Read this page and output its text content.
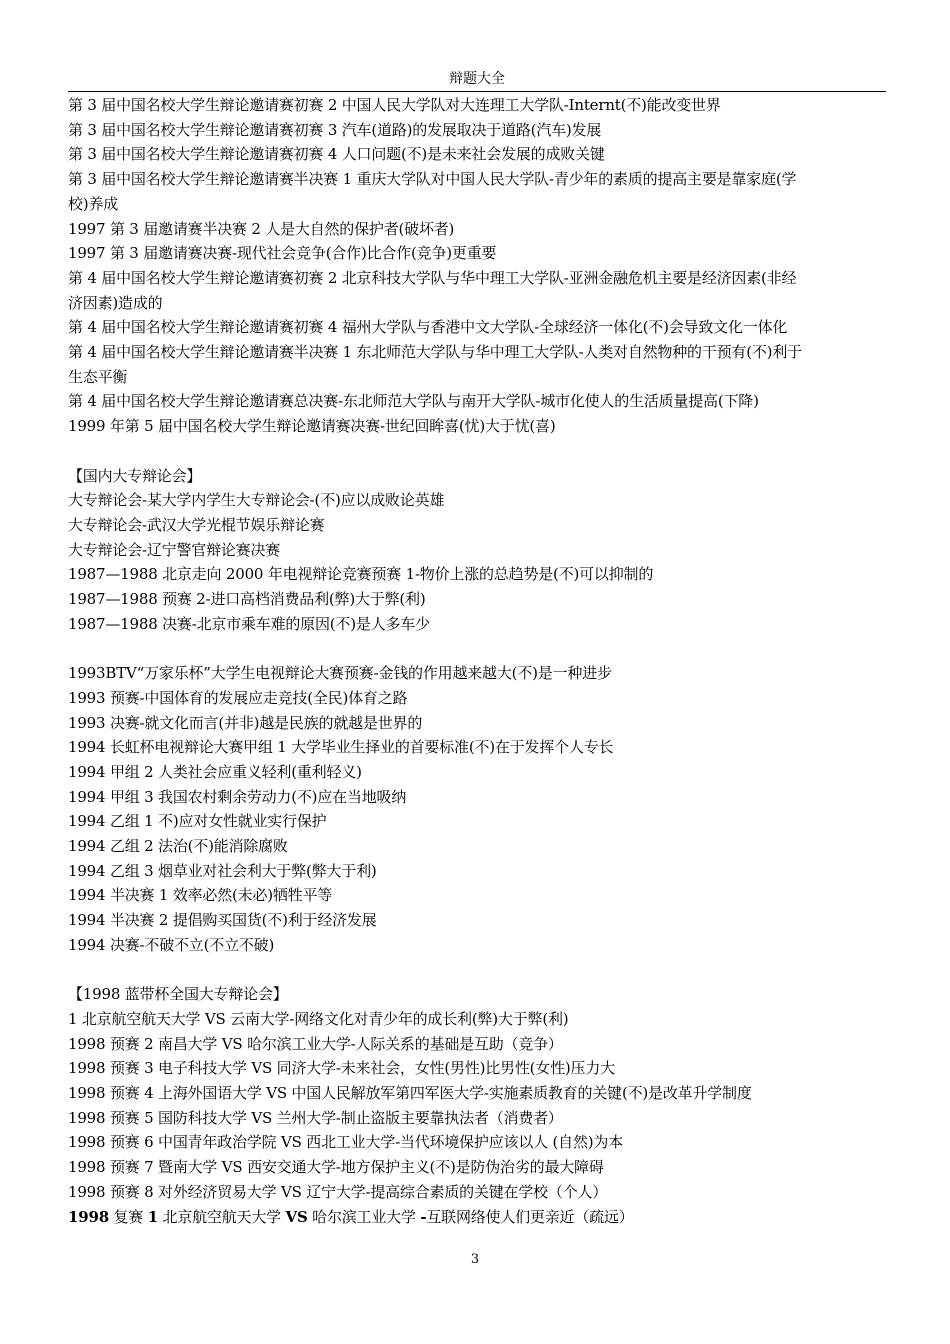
辩题大全
第 3 届中国名校大学生辩论邀请赛初赛 2 中国人民大学队对大连理工大学队-Internt(不)能改变世界
第 3 届中国名校大学生辩论邀请赛初赛 3 汽车(道路)的发展取决于道路(汽车)发展
第 3 届中国名校大学生辩论邀请赛初赛 4 人口问题(不)是未来社会发展的成败关键
第 3 届中国名校大学生辩论邀请赛半决赛 1 重庆大学队对中国人民大学队-青少年的素质的提高主要是靠家庭(学
校)养成
1997 第 3 届邀请赛半决赛 2 人是大自然的保护者(破坏者)
1997 第 3 届邀请赛决赛-现代社会竞争(合作)比合作(竞争)更重要
第 4 届中国名校大学生辩论邀请赛初赛 2 北京科技大学队与华中理工大学队-亚洲金融危机主要是经济因素(非经
济因素)造成的
第 4 届中国名校大学生辩论邀请赛初赛 4 福州大学队与香港中文大学队-全球经济一体化(不)会导致文化一体化
第 4 届中国名校大学生辩论邀请赛半决赛 1 东北师范大学队与华中理工大学队-人类对自然物种的干预有(不)利于
生态平衡
第 4 届中国名校大学生辩论邀请赛总决赛-东北师范大学队与南开大学队-城市化使人的生活质量提高(下降)
1999 年第 5 届中国名校大学生辩论邀请赛决赛-世纪回眸喜(忧)大于忧(喜)
【国内大专辩论会】
大专辩论会-某大学内学生大专辩论会-(不)应以成败论英雄
大专辩论会-武汉大学光棍节娱乐辩论赛
大专辩论会-辽宁警官辩论赛决赛
1987—1988 北京走向 2000 年电视辩论竞赛预赛 1-物价上涨的总趋势是(不)可以抑制的
1987—1988 预赛 2-进口高档消费品利(弊)大于弊(利)
1987—1988 决赛-北京市乘车难的原因(不)是人多车少
1993BTV“万家乐杯”大学生电视辩论大赛预赛-金钱的作用越来越大(不)是一种进步
1993 预赛-中国体育的发展应走竞技(全民)体育之路
1993 决赛-就文化而言(并非)越是民族的就越是世界的
1994 长虹杯电视辩论大赛甲组 1 大学毕业生择业的首要标准(不)在于发挥个人专长
1994 甲组 2 人类社会应重义轻利(重利轻义)
1994 甲组 3 我国农村剩余劳动力(不)应在当地吸纳
1994 乙组 1 不)应对女性就业实行保护
1994 乙组 2 法治(不)能消除腐败
1994 乙组 3 烟草业对社会利大于弊(弊大于利)
1994 半决赛 1 效率必然(未必)牺牲平等
1994 半决赛 2 提倡购买国货(不)利于经济发展
1994 决赛-不破不立(不立不破)
【1998 蓝带杯全国大专辩论会】
1 北京航空航天大学 VS 云南大学-网络文化对青少年的成长利(弊)大于弊(利)
1998 预赛 2 南昌大学 VS 哈尔滨工业大学-人际关系的基础是互助（竞争）
1998 预赛 3 电子科技大学 VS 同济大学-未来社会，女性(男性)比男性(女性)压力大
1998 预赛 4 上海外国语大学 VS 中国人民解放军第四军医大学-实施素质教育的关键(不)是改革升学制度
1998 预赛 5 国防科技大学 VS 兰州大学-制止盗版主要靠执法者（消费者）
1998 预赛 6 中国青年政治学院 VS 西北工业大学-当代环境保护应该以人 (自然)为本
1998 预赛 7 暨南大学 VS 西安交通大学-地方保护主义(不)是防伪治劣的最大障碍
1998 预赛 8 对外经济贸易大学 VS 辽宁大学-提高综合素质的关键在学校（个人）
1998 复赛 1 北京航空航天大学 VS 哈尔滨工业大学 -互联网络使人们更亲近（疏远）
3
